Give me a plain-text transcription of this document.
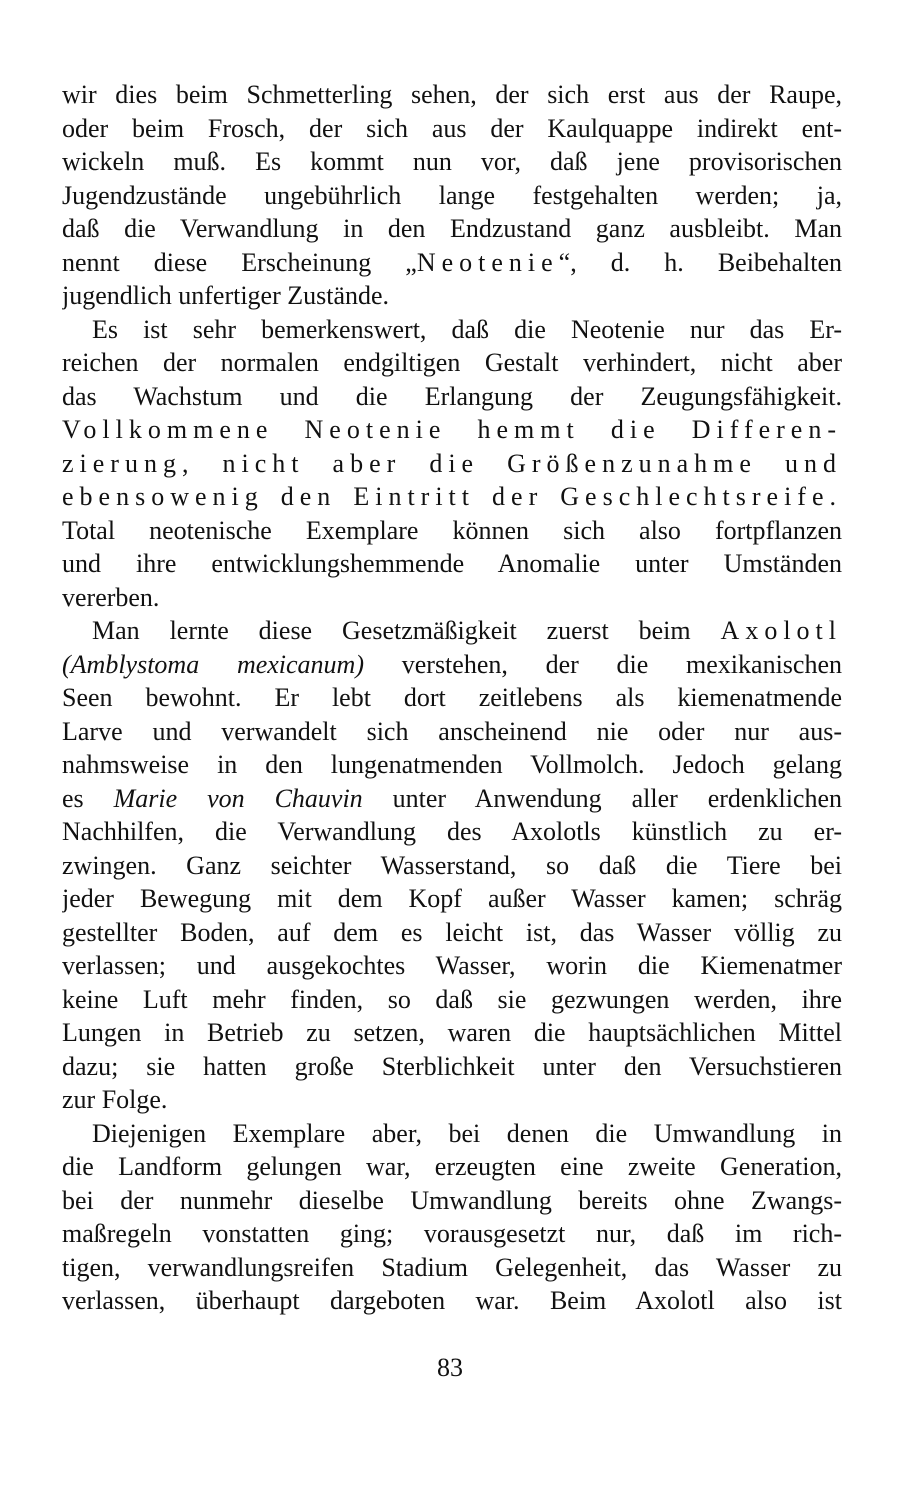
wir dies beim Schmetterling sehen, der sich erst aus der Raupe,
oder beim Frosch, der sich aus der Kaulquappe indirekt ent-
wickeln muß. Es kommt nun vor, daß jene provisorischen
Jugendzustände ungebührlich lange festgehalten werden; ja,
daß die Verwandlung in den Endzustand ganz ausbleibt. Man
nennt diese Erscheinung „Neotenie“, d. h. Beibehalten
jugendlich unfertiger Zustände.
Es ist sehr bemerkenswert, daß die Neotenie nur das Er-
reichen der normalen endgiltigen Gestalt verhindert, nicht aber
das Wachstum und die Erlangung der Zeugungsfähigkeit.
Vollkommene Neotenie hemmt die Differen-
zierung, nicht aber die Größenzunahme und
ebensowenig den Eintritt der Geschlechtsreife.
Total neotenische Exemplare können sich also fortpflanzen
und ihre entwicklungshemmende Anomalie unter Umständen
vererben.
Man lernte diese Gesetzmäßigkeit zuerst beim Axolotl
(Amblystoma mexicanum) verstehen, der die mexikanischen
Seen bewohnt. Er lebt dort zeitlebens als kiemenatmende
Larve und verwandelt sich anscheinend nie oder nur aus-
nahmsweise in den lungenatmenden Vollmolch. Jedoch gelang
es Marie von Chauvin unter Anwendung aller erdenklichen
Nachhilfen, die Verwandlung des Axolotls künstlich zu er-
zwingen. Ganz seichter Wasserstand, so daß die Tiere bei
jeder Bewegung mit dem Kopf außer Wasser kamen; schräg
gestellter Boden, auf dem es leicht ist, das Wasser völlig zu
verlassen; und ausgekochtes Wasser, worin die Kiemenatmer
keine Luft mehr finden, so daß sie gezwungen werden, ihre
Lungen in Betrieb zu setzen, waren die hauptsächlichen Mittel
dazu; sie hatten große Sterblichkeit unter den Versuchstieren
zur Folge.
Diejenigen Exemplare aber, bei denen die Umwandlung in
die Landform gelungen war, erzeugten eine zweite Generation,
bei der nunmehr dieselbe Umwandlung bereits ohne Zwangs-
maßregeln vonstatten ging; vorausgesetzt nur, daß im rich-
tigen, verwandlungsreifen Stadium Gelegenheit, das Wasser zu
verlassen, überhaupt dargeboten war. Beim Axolotl also ist
83
